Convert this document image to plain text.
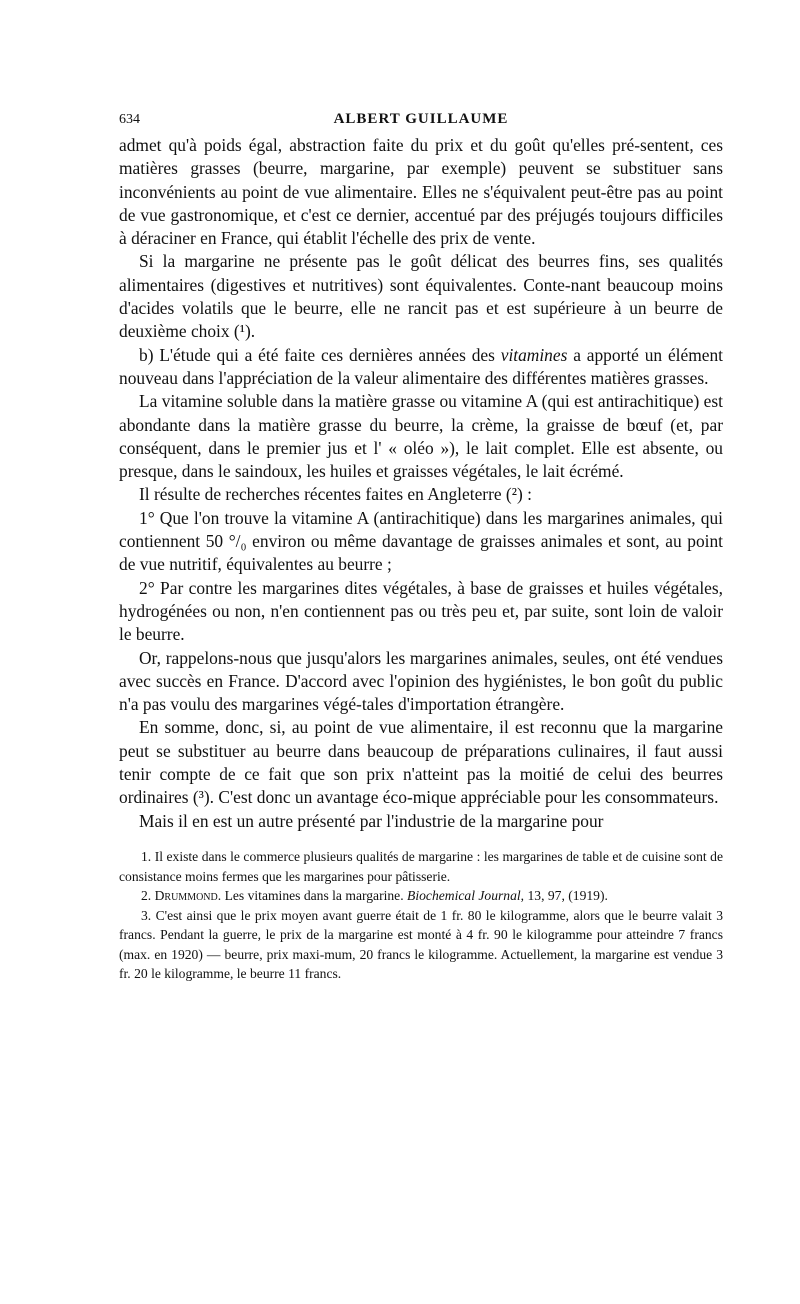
634	ALBERT GUILLAUME

admet qu'à poids égal, abstraction faite du prix et du goût qu'elles pré-sentent, ces matières grasses (beurre, margarine, par exemple) peuvent se substituer sans inconvénients au point de vue alimentaire. Elles ne s'équivalent peut-être pas au point de vue gastronomique, et c'est ce dernier, accentué par des préjugés toujours difficiles à déraciner en France, qui établit l'échelle des prix de vente.

Si la margarine ne présente pas le goût délicat des beurres fins, ses qualités alimentaires (digestives et nutritives) sont équivalentes. Conte-nant beaucoup moins d'acides volatils que le beurre, elle ne rancit pas et est supérieure à un beurre de deuxième choix (¹).

b) L'étude qui a été faite ces dernières années des vitamines a apporté un élément nouveau dans l'appréciation de la valeur alimentaire des différentes matières grasses.

La vitamine soluble dans la matière grasse ou vitamine A (qui est antirachitique) est abondante dans la matière grasse du beurre, la crème, la graisse de bœuf (et, par conséquent, dans le premier jus et l' « oléo »), le lait complet. Elle est absente, ou presque, dans le saindoux, les huiles et graisses végétales, le lait écrémé.

Il résulte de recherches récentes faites en Angleterre (²) :

1° Que l'on trouve la vitamine A (antirachitique) dans les margarines animales, qui contiennent 50 °/₀ environ ou même davantage de graisses animales et sont, au point de vue nutritif, équivalentes au beurre ;

2° Par contre les margarines dites végétales, à base de graisses et huiles végétales, hydrogénées ou non, n'en contiennent pas ou très peu et, par suite, sont loin de valoir le beurre.

Or, rappelons-nous que jusqu'alors les margarines animales, seules, ont été vendues avec succès en France. D'accord avec l'opinion des hygiénistes, le bon goût du public n'a pas voulu des margarines végé-tales d'importation étrangère.

En somme, donc, si, au point de vue alimentaire, il est reconnu que la margarine peut se substituer au beurre dans beaucoup de préparations culinaires, il faut aussi tenir compte de ce fait que son prix n'atteint pas la moitié de celui des beurres ordinaires (³). C'est donc un avantage éco-mique appréciable pour les consommateurs.

Mais il en est un autre présenté par l'industrie de la margarine pour

1. Il existe dans le commerce plusieurs qualités de margarine : les margarines de table et de cuisine sont de consistance moins fermes que les margarines pour pâtisserie.

2. Drummond. Les vitamines dans la margarine. Biochemical Journal, 13, 97, (1919).

3. C'est ainsi que le prix moyen avant guerre était de 1 fr. 80 le kilogramme, alors que le beurre valait 3 francs. Pendant la guerre, le prix de la margarine est monté à 4 fr. 90 le kilogramme pour atteindre 7 francs (max. en 1920) — beurre, prix maxi-mum, 20 francs le kilogramme. Actuellement, la margarine est vendue 3 fr. 20 le kilogramme, le beurre 11 francs.
